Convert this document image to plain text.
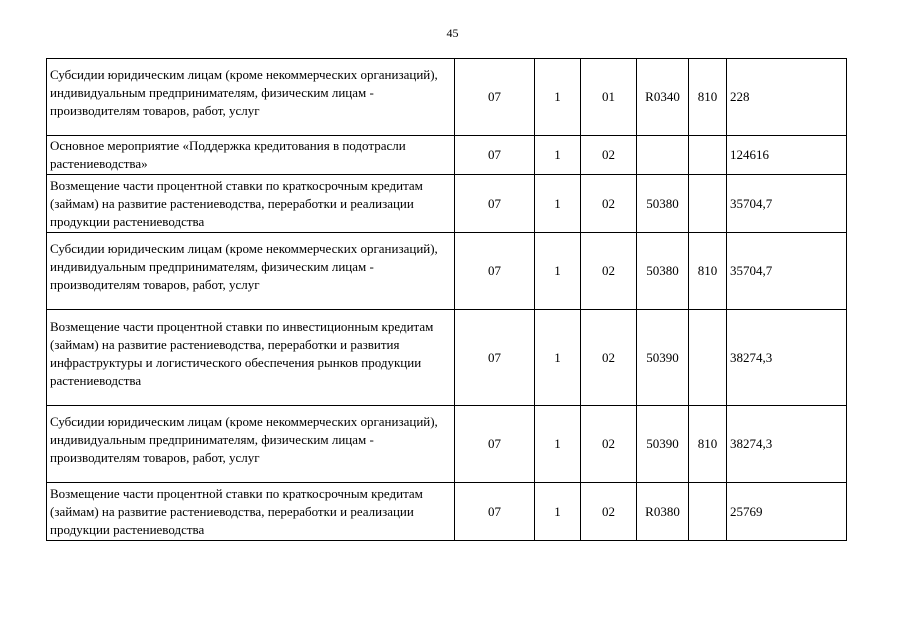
45
Субсидии юридическим лицам (кроме некоммерческих организаций), индивидуальным предпринимателям, физическим лицам - производителям товаров, работ, услуг	07	1	01	R0340	810	228

Основное мероприятие «Поддержка кредитования в подотрасли растениеводства»	07	1	02			124616

Возмещение части процентной ставки по краткосрочным кредитам (займам) на развитие растениеводства, переработки и реализации продукции растениеводства	07	1	02	50380		35704,7

Субсидии юридическим лицам (кроме некоммерческих организаций), индивидуальным предпринимателям, физическим лицам - производителям товаров, работ, услуг	07	1	02	50380	810	35704,7

Возмещение части процентной ставки по инвестиционным кредитам (займам) на развитие растениеводства, переработки и развития инфраструктуры и логистического обеспечения рынков продукции растениеводства	07	1	02	50390		38274,3

Субсидии юридическим лицам (кроме некоммерческих организаций), индивидуальным предпринимателям, физическим лицам - производителям товаров, работ, услуг	07	1	02	50390	810	38274,3

Возмещение части процентной ставки по краткосрочным кредитам (займам) на развитие растениеводства, переработки и реализации продукции растениеводства	07	1	02	R0380		25769
